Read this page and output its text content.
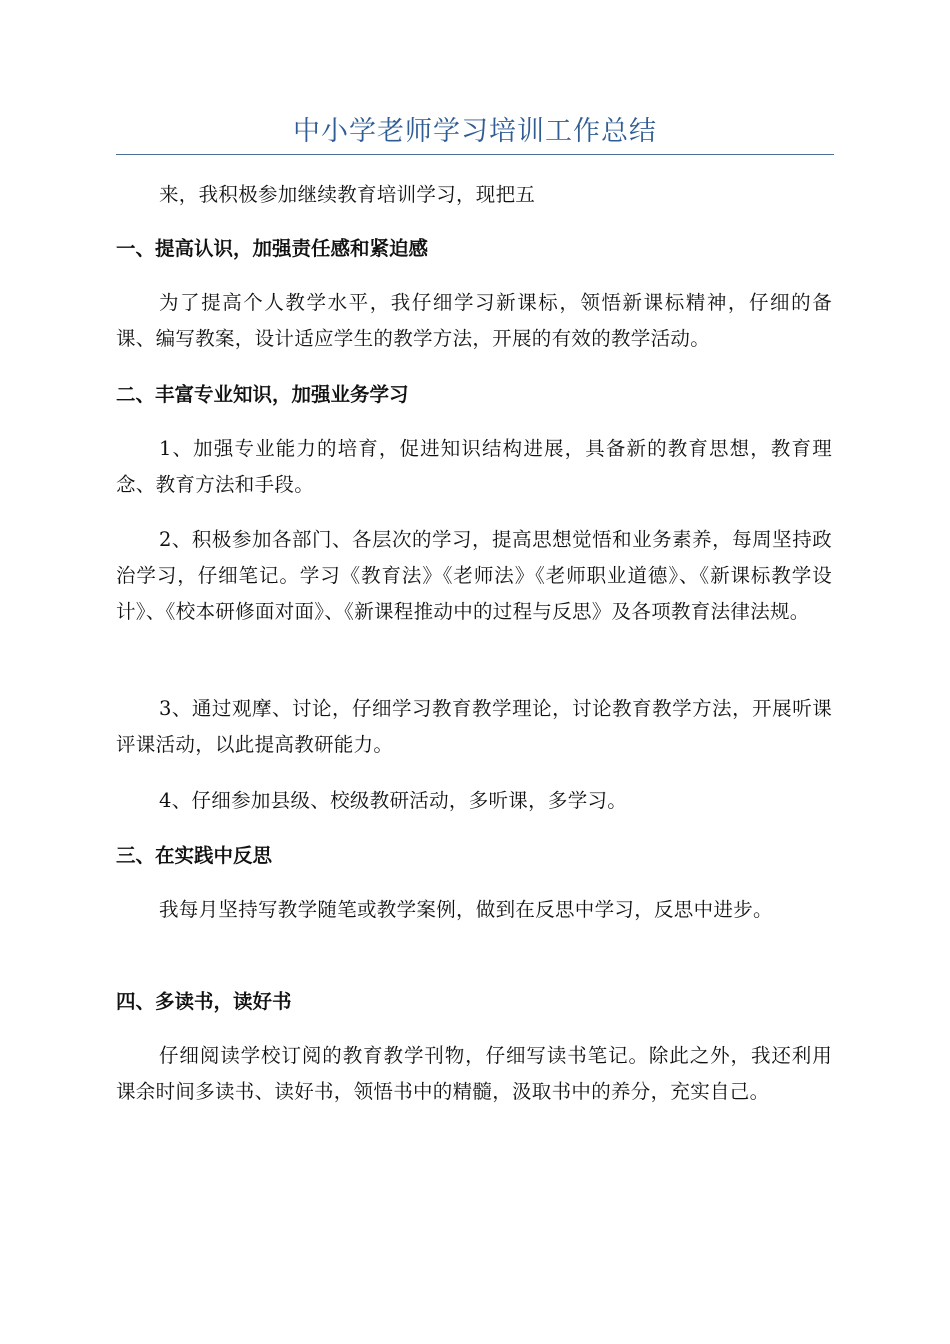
中小学老师学习培训工作总结
来，我积极参加继续教育培训学习，现把五
一、提高认识，加强责任感和紧迫感
为了提高个人教学水平，我仔细学习新课标，领悟新课标精神，仔细的备课、编写教案，设计适应学生的教学方法，开展的有效的教学活动。
二、丰富专业知识，加强业务学习
1、加强专业能力的培育，促进知识结构进展，具备新的教育思想，教育理念、教育方法和手段。
2、积极参加各部门、各层次的学习，提高思想觉悟和业务素养，每周坚持政治学习，仔细笔记。学习《教育法》《老师法》《老师职业道德》、《新课标教学设计》、《校本研修面对面》、《新课程推动中的过程与反思》及各项教育法律法规。
3、通过观摩、讨论，仔细学习教育教学理论，讨论教育教学方法，开展听课评课活动，以此提高教研能力。
4、仔细参加县级、校级教研活动，多听课，多学习。
三、在实践中反思
我每月坚持写教学随笔或教学案例，做到在反思中学习，反思中进步。
四、多读书，读好书
仔细阅读学校订阅的教育教学刊物，仔细写读书笔记。除此之外，我还利用课余时间多读书、读好书，领悟书中的精髓，汲取书中的养分，充实自己。
